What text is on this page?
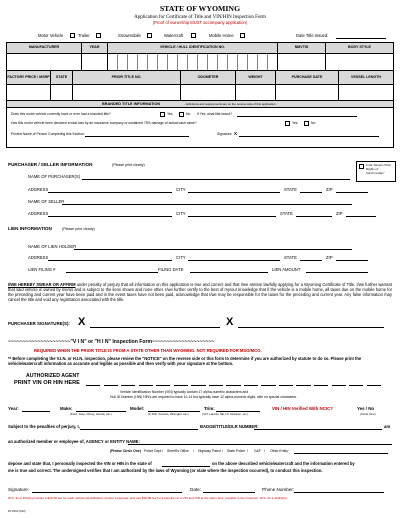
STATE OF WYOMING
Application for Certificate of Title and VIN/HIN Inspection Form
(Proof of ownership MUST accompany application)
Motor Vehicle	Trailer	Snowmobile	Watercraft	Mobile Home	Date Title Issued:
MANUFACTURER	YEAR	VEHICLE / HULL IDENTIFICATION NO.	NMVTIS	BODY STYLE
FACTORY PRICE / MSRP	STATE	PRIOR TITLE NO.	ODOMETER	WEIGHT	PURCHASE DATE	VESSEL LENGTH
BRANDED TITLE INFORMATION	- definitions and requirements are on the reverse side of this application.
Does this motor vehicle currently have or ever had a branded title?	Yes	No If Yes, what title brand?
Has this motor vehicle been declared a total loss by an insurance company or sustained 75% damage of actual cash value?	Yes	No
Printed Name of Person Completing this Section:	Signature: X
Joint Tenants With Rights of Survivorship?
PURCHASER / SELLER INFORMATION	(Please print clearly)
NAME OF PURCHASER(S)
ADDRESS	CITY	STATE	ZIP
NAME OF SELLER
ADDRESS	CITY	STATE	ZIP
LIEN INFORMATION	(Please print clearly)
NAME OF LIEN HOLDER
ADDRESS	CITY	STATE	ZIP
LIEN FILING #	FILING DATE	LIEN AMOUNT
I/WE HEREBY SWEAR OR AFFIRM under penalty of perjury that all information on this application is true and correct and that I/we am/are lawfully applying for a Wyoming Certificate of Title. I/we further warrant that said vehicle is owned by me/us and is subject to the liens shown and none other. I/we further certify to the best of my/our knowledge that if the vehicle is a mobile home, all taxes due on the mobile home for the preceding and current year have been paid and in the event taxes have not been paid, acknowledge that I/we may be responsible for the taxes for the preceding and current year. Any false information may cancel the title and void any registration associated with the title.
PURCHASER SIGNATURE(S): X	X
~~~~~~~~~~~~~~~~~~~~~"V I N" or "H I N" Inspection Form~~~~~~~~~~~~~~~~~~~~~
REQUIRED WHEN THE PRIOR TITLE IS FROM A STATE OTHER THAN WYOMING. NOT REQUIRED FOR MSO/MCO.
** Before completing the V.I.N. or H.I.N. inspection, please review the "NOTICE" on the reverse side or this form to determine if you are authorized by statute to do so. Please print the vehicle/watercraft information as accurate and legible as possible and then verify with your signature at the bottom.
AUTHORIZED AGENT
PRINT VIN OR HIN HERE
Vehicle Identification Number (VIN) typically contain 17 alpha-numeric characters and
Hull ID Number (HIN) HIN's are required to have 10-14 but typically have 12 alpha-numeric digits, with no special characters.
Year:	Make:
(Ford, Jeep, Chevy, Honda, etc.)
Model:
(F-150, Camaro, Wrangler, etc.)
Trim:
(XLT, Laredo, SE, LX, Rubicon, etc.)
VIN / HIN Verified With NCIC?	Yes / No
(Circle One)
Subject to the penalties of perjury, I,	BADGE/TITLE/DLR NUMBER:	am
an authorized member or employee of, AGENCY or ENTITY NAME:
(Please Circle One) Police Dept / Sheriff's Office / Highway Patrol / State Police / G&F / Other Entity:
depose and state that, I personally inspected the VIN or HIN in the state of	on the above described vehicle/watercraft and the information entered by
me is true and correct. The undersigned verifies that I am authorized by the laws of Wyoming (or state where the inspection occurred), to conduct this inspection.
Signature:	Date:	Phone Number:
W.S. 31-2-103(b) provides a $10.00 fee for each vehicle identification number inspected, and use $10.00 fee for inspection of a VIN and HIN at the same time, payable to the inspector. W.S. 31-2-103(b)(ii)
DT-2061 (5/23)
